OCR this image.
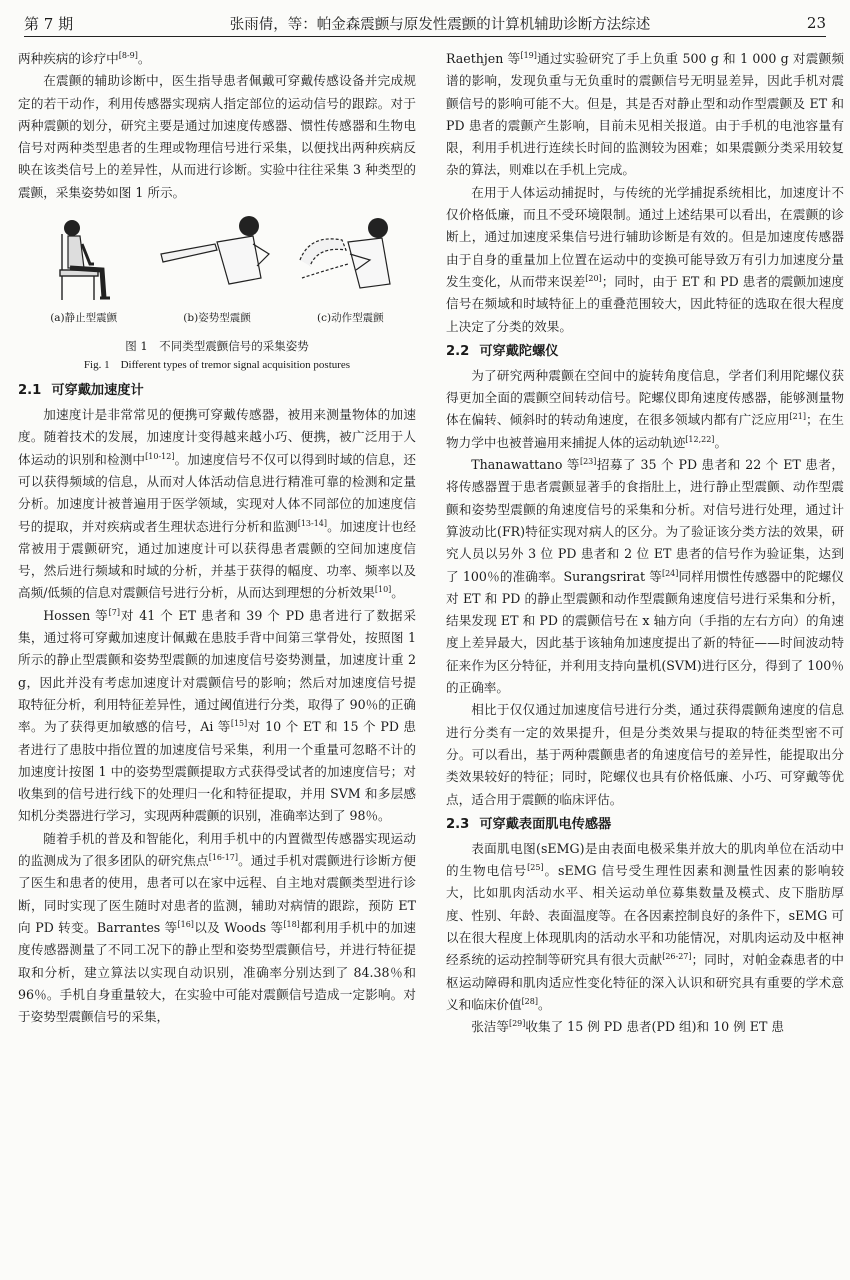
第 7 期	张雨倩，等：帕金森震颤与原发性震颤的计算机辅助诊断方法综述	23

两种疾病的诊疗中[8-9]。

在震颤的辅助诊断中，医生指导患者佩戴可穿戴传感设备并完成规定的若干动作，利用传感器实现病人指定部位的运动信号的跟踪。对于两种震颤的划分，研究主要是通过加速度传感器、惯性传感器和生物电信号对两种类型患者的生理或物理信号进行采集，以便找出两种疾病反映在该类信号上的差异性，从而进行诊断。实验中往往采集 3 种类型的震颤，采集姿势如图 1 所示。

(a)静止型震颤	(b)姿势型震颤	(c)动作型震颤
图 1　不同类型震颤信号的采集姿势
Fig. 1　Different types of tremor signal acquisition postures
2.1 可穿戴加速度计

加速度计是非常常见的便携可穿戴传感器，被用来测量物体的加速度。随着技术的发展，加速度计变得越来越小巧、便携，被广泛用于人体运动的识别和检测中[10-12]。加速度信号不仅可以得到时域的信息，还可以获得频域的信息，从而对人体活动信息进行精准可靠的检测和定量分析。加速度计被普遍用于医学领域，实现对人体不同部位的加速度信号的提取，并对疾病或者生理状态进行分析和监测[13-14]。加速度计也经常被用于震颤研究，通过加速度计可以获得患者震颤的空间加速度信号，然后进行频域和时域的分析，并基于获得的幅度、功率、频率以及高频/低频的信息对震颤信号进行分析，从而达到理想的分析效果[10]。

Hossen 等[7]对 41 个 ET 患者和 39 个 PD 患者进行了数据采集，通过将可穿戴加速度计佩戴在患肢手背中间第三掌骨处，按照图 1 所示的静止型震颤和姿势型震颤的加速度信号姿势测量，加速度计重 2 g，因此并没有考虑加速度计对震颤信号的影响；然后对加速度信号提取特征分析，利用特征差异性，通过阈值进行分类，取得了 90％的正确率。为了获得更加敏感的信号，Ai 等[15]对 10 个 ET 和 15 个 PD 患者进行了患肢中指位置的加速度信号采集，利用一个重量可忽略不计的加速度计按图 1 中的姿势型震颤提取方式获得受试者的加速度信号；对收集到的信号进行线下的处理归一化和特征提取，并用 SVM 和多层感知机分类器进行学习，实现两种震颤的识别，准确率达到了 98％。

随着手机的普及和智能化，利用手机中的内置微型传感器实现运动的监测成为了很多团队的研究焦点[16-17]。通过手机对震颤进行诊断方便了医生和患者的使用，患者可以在家中远程、自主地对震颤类型进行诊断，同时实现了医生随时对患者的监测，辅助对病情的跟踪，预防 ET 向 PD 转变。Barrantes 等[16]以及 Woods 等[18]都利用手机中的加速度传感器测量了不同工况下的静止型和姿势型震颤信号，并进行特征提取和分析，建立算法以实现自动识别，准确率分别达到了 84.38％和 96％。手机自身重量较大，在实验中可能对震颤信号造成一定影响。对于姿势型震颤信号的采集，

Raethjen 等[19]通过实验研究了手上负重 500 g 和 1 000 g 对震颤频谱的影响，发现负重与无负重时的震颤信号无明显差异，因此手机对震颤信号的影响可能不大。但是，其是否对静止型和动作型震颤及 ET 和 PD 患者的震颤产生影响，目前未见相关报道。由于手机的电池容量有限，利用手机进行连续长时间的监测较为困难；如果震颤分类采用较复杂的算法，则难以在手机上完成。

在用于人体运动捕捉时，与传统的光学捕捉系统相比，加速度计不仅价格低廉，而且不受环境限制。通过上述结果可以看出，在震颤的诊断上，通过加速度采集信号进行辅助诊断是有效的。但是加速度传感器由于自身的重量加上位置在运动中的变换可能导致万有引力加速度分量发生变化，从而带来误差[20]；同时，由于 ET 和 PD 患者的震颤加速度信号在频域和时域特征上的重叠范围较大，因此特征的选取在很大程度上决定了分类的效果。

2.2 可穿戴陀螺仪

为了研究两种震颤在空间中的旋转角度信息，学者们利用陀螺仪获得更加全面的震颤空间转动信号。陀螺仪即角速度传感器，能够测量物体在偏转、倾斜时的转动角速度，在很多领域内都有广泛应用[21]；在生物力学中也被普遍用来捕捉人体的运动轨迹[12,22]。

Thanawattano 等[23]招募了 35 个 PD 患者和 22 个 ET 患者，将传感器置于患者震颤显著手的食指肚上，进行静止型震颤、动作型震颤和姿势型震颤的角速度信号的采集和分析。对信号进行处理，通过计算波动比(FR)特征实现对病人的区分。为了验证该分类方法的效果，研究人员以另外 3 位 PD 患者和 2 位 ET 患者的信号作为验证集，达到了 100％的准确率。Surangsrirat 等[24]同样用惯性传感器中的陀螺仪对 ET 和 PD 的静止型震颤和动作型震颤角速度信号进行采集和分析，结果发现 ET 和 PD 的震颤信号在 x 轴方向（手指的左右方向）的角速度上差异最大，因此基于该轴角加速度提出了新的特征——时间波动特征来作为区分特征，并利用支持向量机(SVM)进行区分，得到了 100％的正确率。

相比于仅仅通过加速度信号进行分类，通过获得震颤角速度的信息进行分类有一定的效果提升，但是分类效果与提取的特征类型密不可分。可以看出，基于两种震颤患者的角速度信号的差异性，能提取出分类效果较好的特征；同时，陀螺仪也具有价格低廉、小巧、可穿戴等优点，适合用于震颤的临床评估。

2.3 可穿戴表面肌电传感器

表面肌电图(sEMG)是由表面电极采集并放大的肌肉单位在活动中的生物电信号[25]。sEMG 信号受生理性因素和测量性因素的影响较大，比如肌肉活动水平、相关运动单位募集数量及模式、皮下脂肪厚度、性别、年龄、表面温度等。在各因素控制良好的条件下，sEMG 可以在很大程度上体现肌肉的活动水平和功能情况，对肌肉运动及中枢神经系统的运动控制等研究具有很大贡献[26-27]；同时，对帕金森患者的中枢运动障碍和肌肉适应性变化特征的深入认识和研究具有重要的学术意义和临床价值[28]。

张洁等[29]收集了 15 例 PD 患者(PD 组)和 10 例 ET 患
